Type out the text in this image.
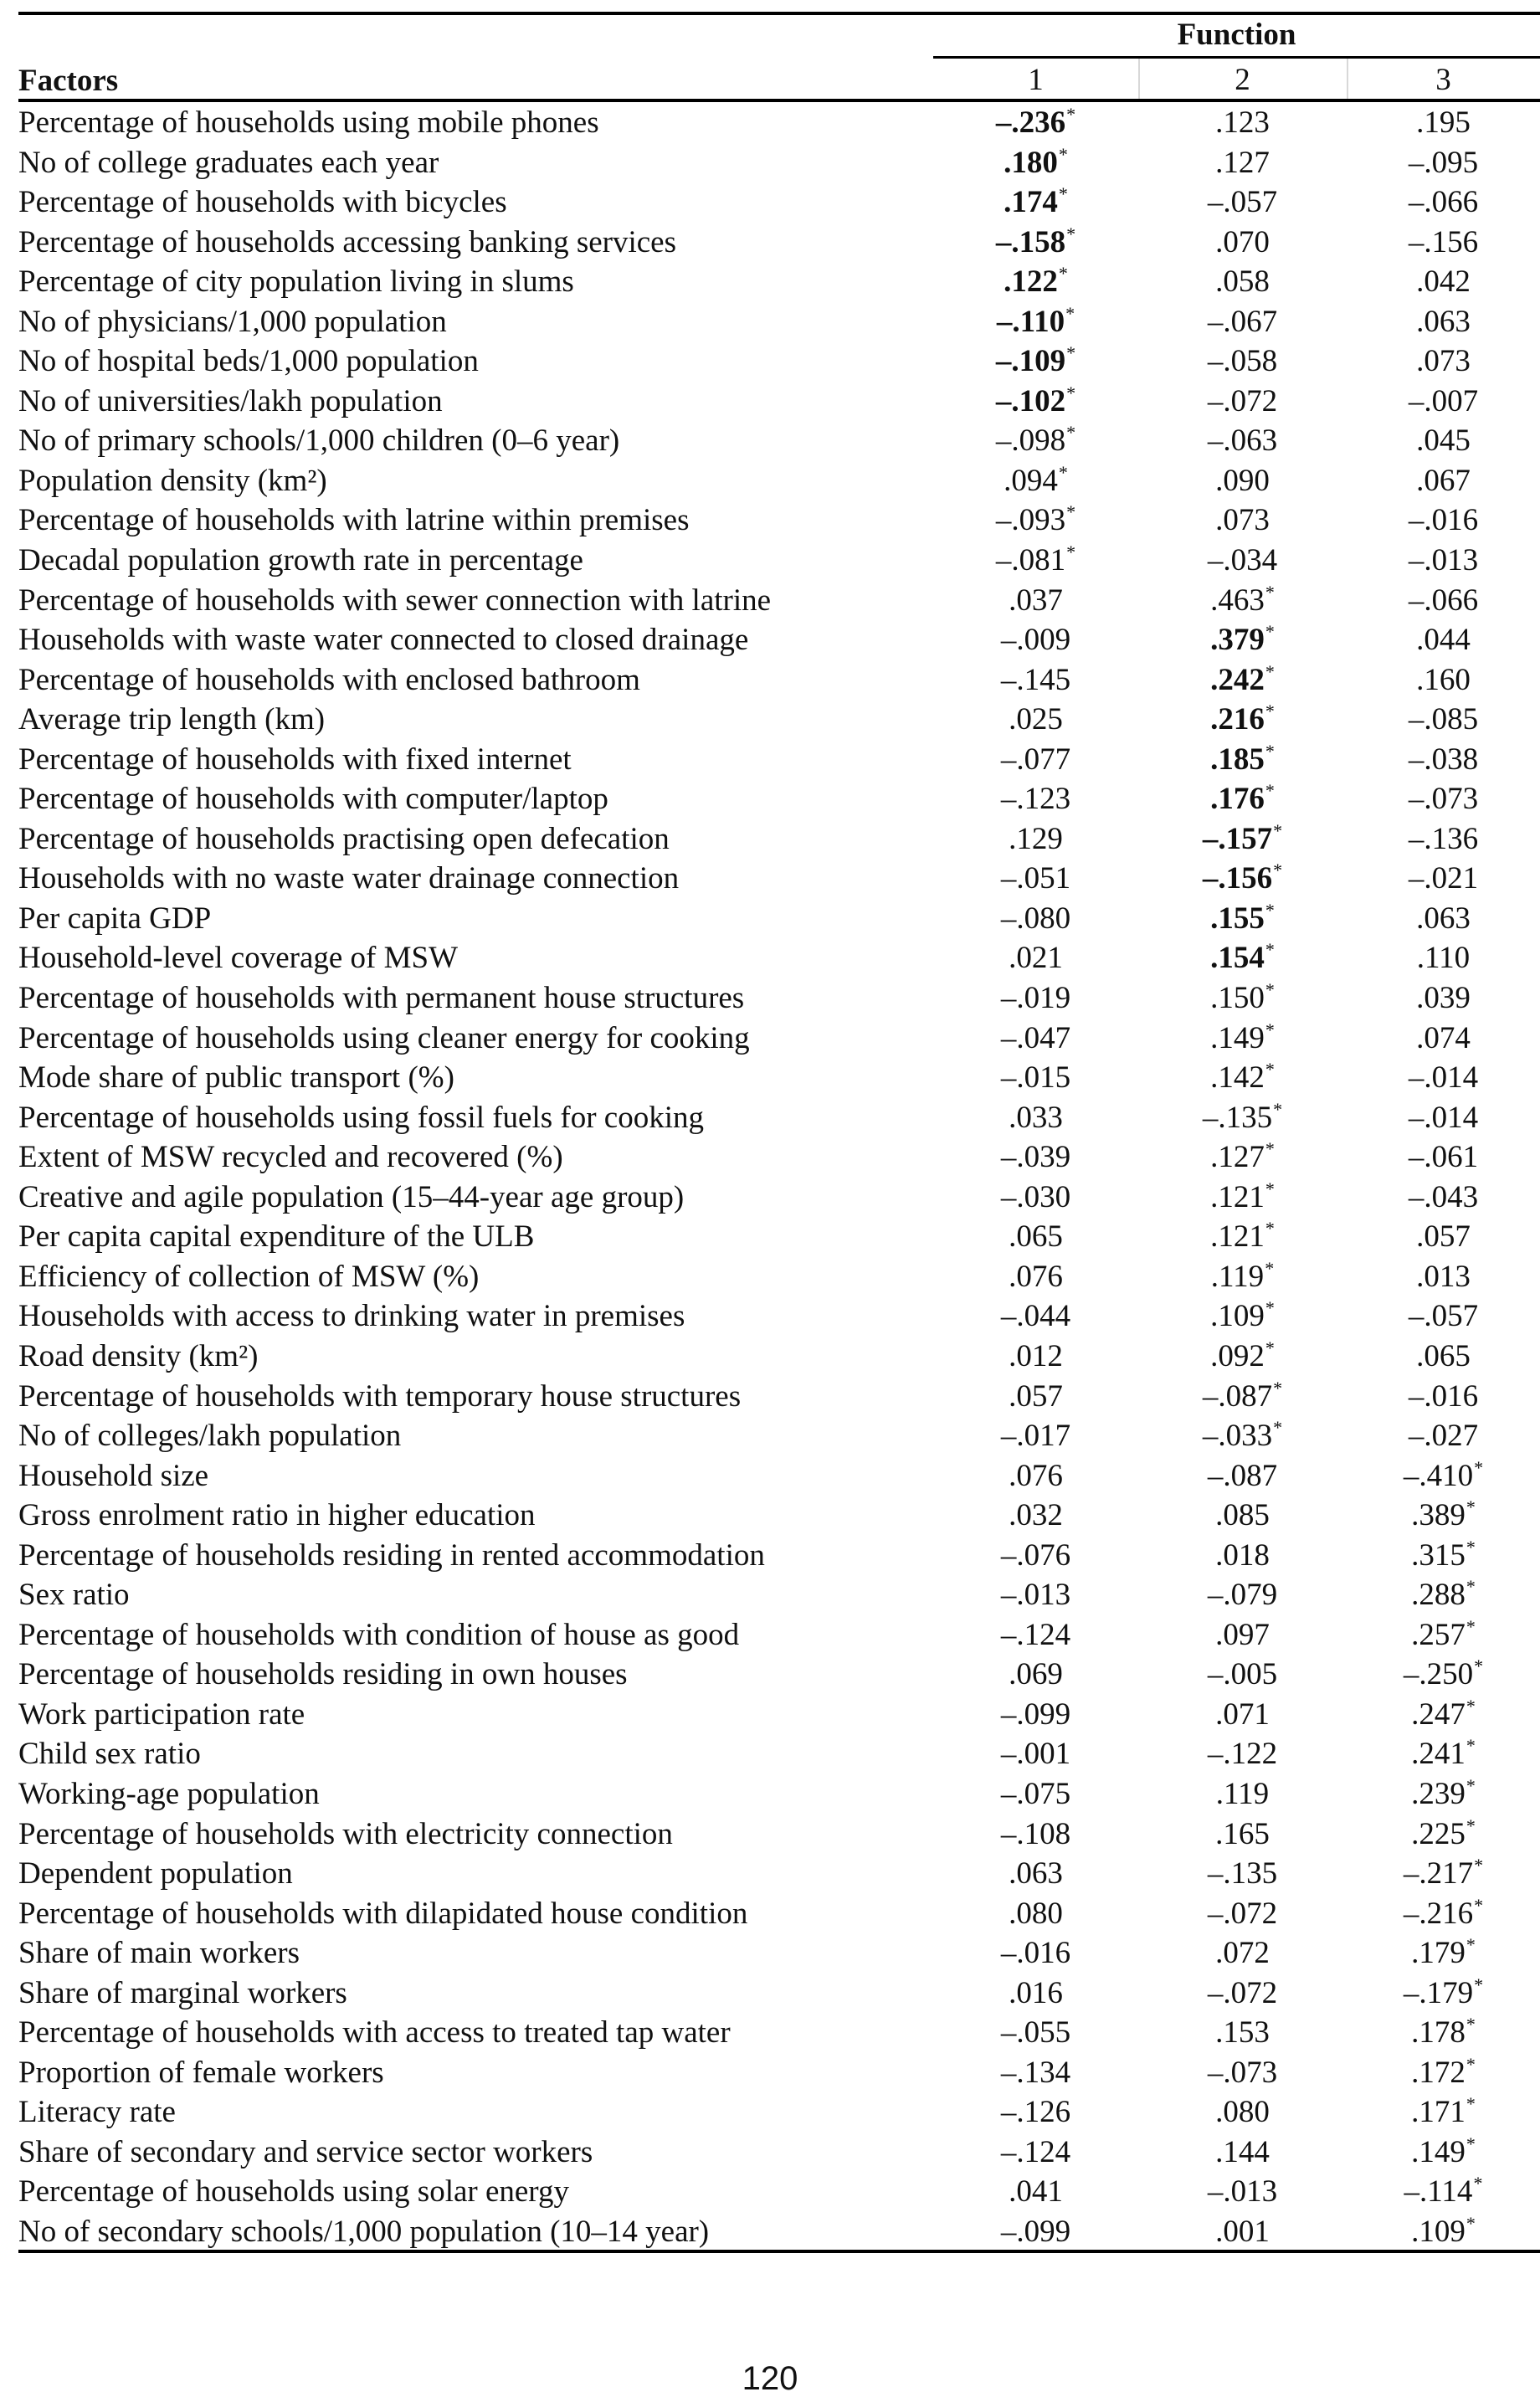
Function
Factors	1	2	3
Percentage of households using mobile phones	–.236*	.123	.195
No of college graduates each year	.180*	.127	–.095
Percentage of households with bicycles	.174*	–.057	–.066
Percentage of households accessing banking services	–.158*	.070	–.156
Percentage of city population living in slums	.122*	.058	.042
No of physicians/1,000 population	–.110*	–.067	.063
No of hospital beds/1,000 population	–.109*	–.058	.073
No of universities/lakh population	–.102*	–.072	–.007
No of primary schools/1,000 children (0–6 year)	–.098*	–.063	.045
Population density (km²)	.094*	.090	.067
Percentage of households with latrine within premises	–.093*	.073	–.016
Decadal population growth rate in percentage	–.081*	–.034	–.013
Percentage of households with sewer connection with latrine	.037	.463*	–.066
Households with waste water connected to closed drainage	–.009	.379*	.044
Percentage of households with enclosed bathroom	–.145	.242*	.160
Average trip length (km)	.025	.216*	–.085
Percentage of households with fixed internet	–.077	.185*	–.038
Percentage of households with computer/laptop	–.123	.176*	–.073
Percentage of households practising open defecation	.129	–.157*	–.136
Households with no waste water drainage connection	–.051	–.156*	–.021
Per capita GDP	–.080	.155*	.063
Household-level coverage of MSW	.021	.154*	.110
Percentage of households with permanent house structures	–.019	.150*	.039
Percentage of households using cleaner energy for cooking	–.047	.149*	.074
Mode share of public transport (%)	–.015	.142*	–.014
Percentage of households using fossil fuels for cooking	.033	–.135*	–.014
Extent of MSW recycled and recovered (%)	–.039	.127*	–.061
Creative and agile population (15–44-year age group)	–.030	.121*	–.043
Per capita capital expenditure of the ULB	.065	.121*	.057
Efficiency of collection of MSW (%)	.076	.119*	.013
Households with access to drinking water in premises	–.044	.109*	–.057
Road density (km²)	.012	.092*	.065
Percentage of households with temporary house structures	.057	–.087*	–.016
No of colleges/lakh population	–.017	–.033*	–.027
Household size	.076	–.087	–.410*
Gross enrolment ratio in higher education	.032	.085	.389*
Percentage of households residing in rented accommodation	–.076	.018	.315*
Sex ratio	–.013	–.079	.288*
Percentage of households with condition of house as good	–.124	.097	.257*
Percentage of households residing in own houses	.069	–.005	–.250*
Work participation rate	–.099	.071	.247*
Child sex ratio	–.001	–.122	.241*
Working-age population	–.075	.119	.239*
Percentage of households with electricity connection	–.108	.165	.225*
Dependent population	.063	–.135	–.217*
Percentage of households with dilapidated house condition	.080	–.072	–.216*
Share of main workers	–.016	.072	.179*
Share of marginal workers	.016	–.072	–.179*
Percentage of households with access to treated tap water	–.055	.153	.178*
Proportion of female workers	–.134	–.073	.172*
Literacy rate	–.126	.080	.171*
Share of secondary and service sector workers	–.124	.144	.149*
Percentage of households using solar energy	.041	–.013	–.114*
No of secondary schools/1,000 population (10–14 year)	–.099	.001	.109*
120
